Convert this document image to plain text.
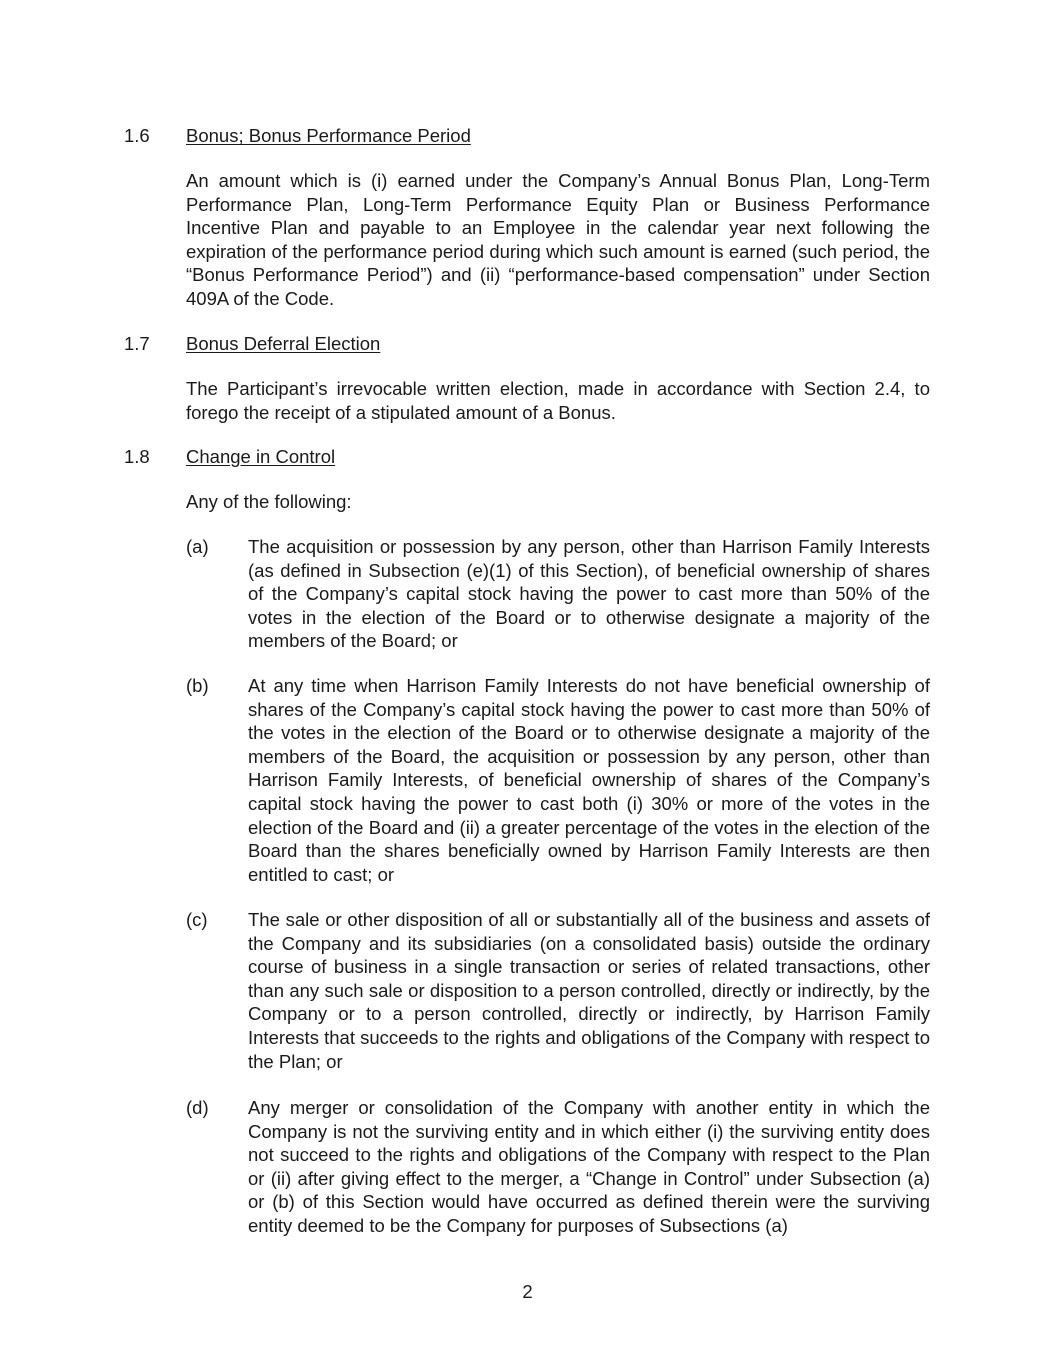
1.6	Bonus; Bonus Performance Period

An amount which is (i) earned under the Company’s Annual Bonus Plan, Long-Term Performance Plan, Long-Term Performance Equity Plan or Business Performance Incentive Plan and payable to an Employee in the calendar year next following the expiration of the performance period during which such amount is earned (such period, the “Bonus Performance Period”) and (ii) “performance-based compensation” under Section 409A of the Code.

1.7	Bonus Deferral Election

The Participant’s irrevocable written election, made in accordance with Section 2.4, to forego the receipt of a stipulated amount of a Bonus.

1.8	Change in Control

Any of the following:

(a)	The acquisition or possession by any person, other than Harrison Family Interests (as defined in Subsection (e)(1) of this Section), of beneficial ownership of shares of the Company’s capital stock having the power to cast more than 50% of the votes in the election of the Board or to otherwise designate a majority of the members of the Board; or

(b)	At any time when Harrison Family Interests do not have beneficial ownership of shares of the Company’s capital stock having the power to cast more than 50% of the votes in the election of the Board or to otherwise designate a majority of the members of the Board, the acquisition or possession by any person, other than Harrison Family Interests, of beneficial ownership of shares of the Company’s capital stock having the power to cast both (i) 30% or more of the votes in the election of the Board and (ii) a greater percentage of the votes in the election of the Board than the shares beneficially owned by Harrison Family Interests are then entitled to cast; or

(c)	The sale or other disposition of all or substantially all of the business and assets of the Company and its subsidiaries (on a consolidated basis) outside the ordinary course of business in a single transaction or series of related transactions, other than any such sale or disposition to a person controlled, directly or indirectly, by the Company or to a person controlled, directly or indirectly, by Harrison Family Interests that succeeds to the rights and obligations of the Company with respect to the Plan; or

(d)	Any merger or consolidation of the Company with another entity in which the Company is not the surviving entity and in which either (i) the surviving entity does not succeed to the rights and obligations of the Company with respect to the Plan or (ii) after giving effect to the merger, a “Change in Control” under Subsection (a) or (b) of this Section would have occurred as defined therein were the surviving entity deemed to be the Company for purposes of Subsections (a)

2
